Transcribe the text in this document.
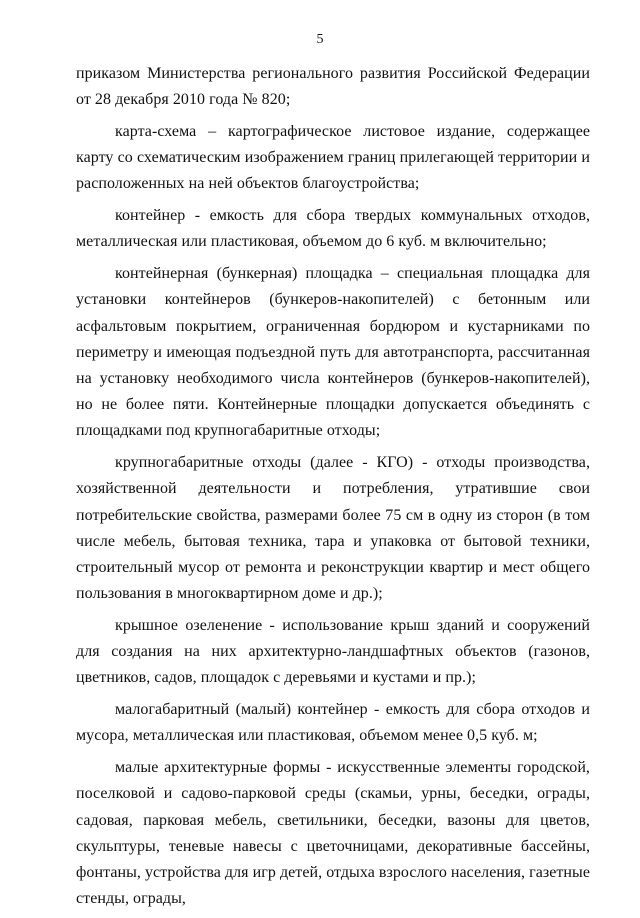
5

приказом Министерства регионального развития Российской Федерации от 28 декабря 2010 года № 820;

карта-схема – картографическое листовое издание, содержащее карту со схематическим изображением границ прилегающей территории и расположенных на ней объектов благоустройства;

контейнер - емкость для сбора твердых коммунальных отходов, металлическая или пластиковая, объемом до 6 куб. м включительно;

контейнерная (бункерная) площадка – специальная площадка для установки контейнеров (бункеров-накопителей) с бетонным или асфальтовым покрытием, ограниченная бордюром и кустарниками по периметру и имеющая подъездной путь для автотранспорта, рассчитанная на установку необходимого числа контейнеров (бункеров-накопителей), но не более пяти. Контейнерные площадки допускается объединять с площадками под крупногабаритные отходы;

крупногабаритные отходы (далее - КГО) - отходы производства, хозяйственной деятельности и потребления, утратившие свои потребительские свойства, размерами более 75 см в одну из сторон (в том числе мебель, бытовая техника, тара и упаковка от бытовой техники, строительный мусор от ремонта и реконструкции квартир и мест общего пользования в многоквартирном доме и др.);

крышное озеленение - использование крыш зданий и сооружений для создания на них архитектурно-ландшафтных объектов (газонов, цветников, садов, площадок с деревьями и кустами и пр.);

малогабаритный (малый) контейнер - емкость для сбора отходов и мусора, металлическая или пластиковая, объемом менее 0,5 куб. м;

малые архитектурные формы - искусственные элементы городской, поселковой и садово-парковой среды (скамьи, урны, беседки, ограды, садовая, парковая мебель, светильники, беседки, вазоны для цветов, скульптуры, теневые навесы с цветочницами, декоративные бассейны, фонтаны, устройства для игр детей, отдыха взрослого населения, газетные стенды, ограды,
